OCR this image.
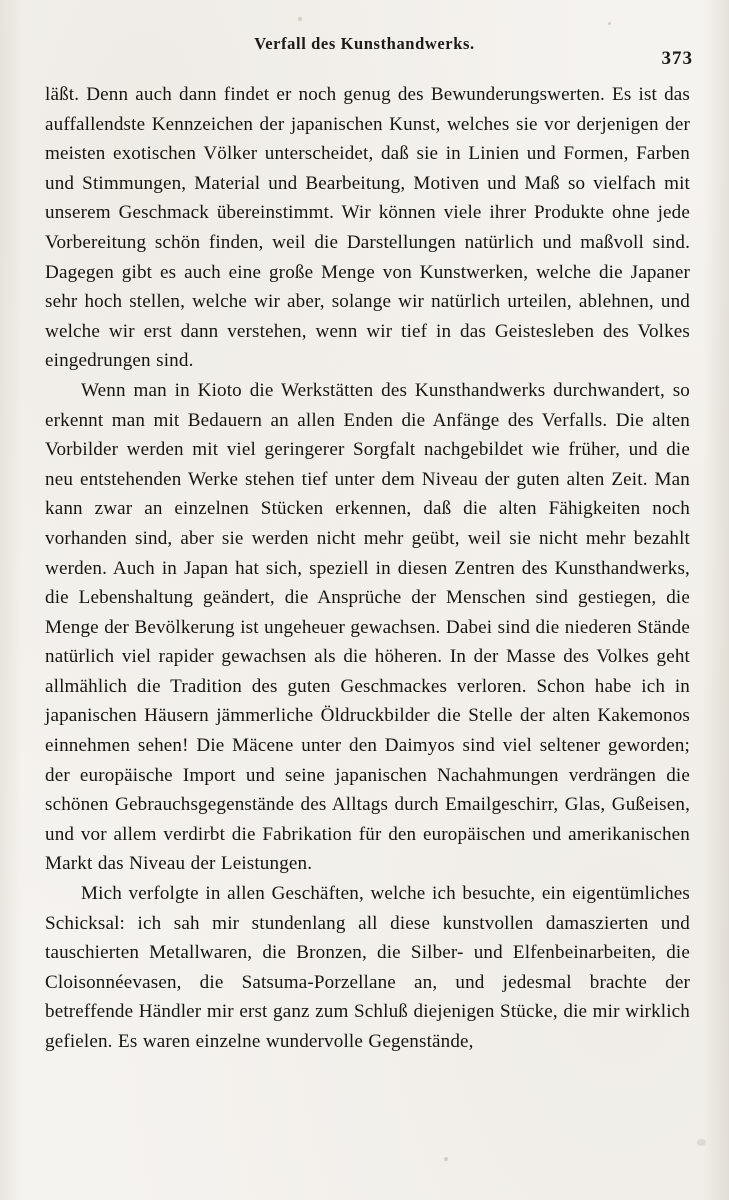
Verfall des Kunsthandwerks.
373

läßt. Denn auch dann findet er noch genug des Bewunderungswerten. Es ist das auffallendste Kennzeichen der japanischen Kunst, welches sie vor derjenigen der meisten exotischen Völker unterscheidet, daß sie in Linien und Formen, Farben und Stimmungen, Material und Bearbeitung, Motiven und Maß so vielfach mit unserem Geschmack übereinstimmt. Wir können viele ihrer Produkte ohne jede Vorbereitung schön finden, weil die Darstellungen natürlich und maßvoll sind. Dagegen gibt es auch eine große Menge von Kunstwerken, welche die Japaner sehr hoch stellen, welche wir aber, solange wir natürlich urteilen, ablehnen, und welche wir erst dann verstehen, wenn wir tief in das Geistesleben des Volkes eingedrungen sind.

Wenn man in Kioto die Werkstätten des Kunsthandwerks durchwandert, so erkennt man mit Bedauern an allen Enden die Anfänge des Verfalls. Die alten Vorbilder werden mit viel geringerer Sorgfalt nachgebildet wie früher, und die neu entstehenden Werke stehen tief unter dem Niveau der guten alten Zeit. Man kann zwar an einzelnen Stücken erkennen, daß die alten Fähigkeiten noch vorhanden sind, aber sie werden nicht mehr geübt, weil sie nicht mehr bezahlt werden. Auch in Japan hat sich, speziell in diesen Zentren des Kunsthandwerks, die Lebenshaltung geändert, die Ansprüche der Menschen sind gestiegen, die Menge der Bevölkerung ist ungeheuer gewachsen. Dabei sind die niederen Stände natürlich viel rapider gewachsen als die höheren. In der Masse des Volkes geht allmählich die Tradition des guten Geschmackes verloren. Schon habe ich in japanischen Häusern jämmerliche Öldruckbilder die Stelle der alten Kakemonos einnehmen sehen! Die Mäcene unter den Daimyos sind viel seltener geworden; der europäische Import und seine japanischen Nachahmungen verdrängen die schönen Gebrauchsgegenstände des Alltags durch Emailgeschirr, Glas, Gußeisen, und vor allem verdirbt die Fabrikation für den europäischen und amerikanischen Markt das Niveau der Leistungen.

Mich verfolgte in allen Geschäften, welche ich besuchte, ein eigentümliches Schicksal: ich sah mir stundenlang all diese kunstvollen damaszierten und tauschierten Metallwaren, die Bronzen, die Silber- und Elfenbeinarbeiten, die Cloisonnéevasen, die Satsuma-Porzellane an, und jedesmal brachte der betreffende Händler mir erst ganz zum Schluß diejenigen Stücke, die mir wirklich gefielen. Es waren einzelne wundervolle Gegenstände,
